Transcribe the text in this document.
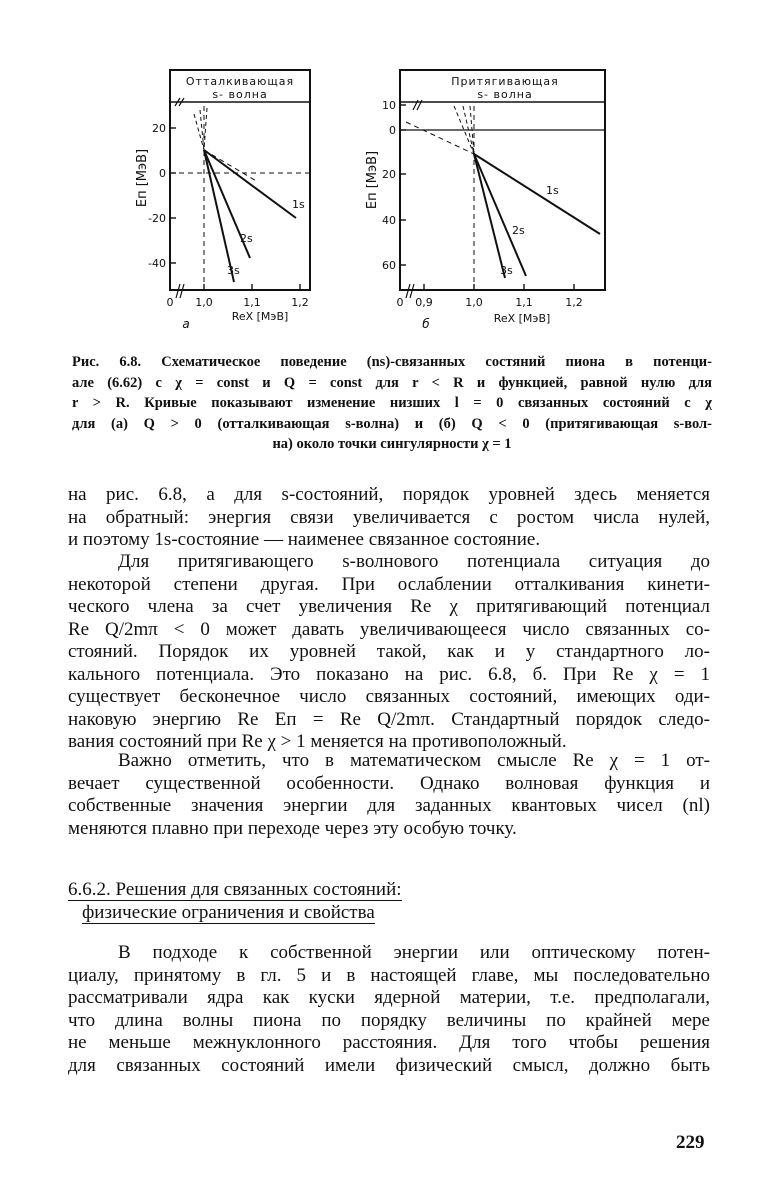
Отталкивающая
s- волна
20
0
-20
-40
Eп [МэВ]
0 1,0	1,1	1,2
ReX [МэВ]
a
1s
2s
3s
Притягивающая
s- волна
10
0
20
40
60
Eп [МэВ]
0 0,9	1,0	1,1	1,2
ReX [МэВ]
б
1s
2s
3s
Рис. 6.8. Схематическое поведение (ns)-связанных состяний пиона в потенци-
але (6.62) с χ = const и Q = const для r < R и функцией, равной нулю для
r > R. Кривые показывают изменение низших l = 0 связанных состояний с χ
для (а) Q > 0 (отталкивающая s-волна) и (б) Q < 0 (притягивающая s-вол-
на) около точки сингулярности χ = 1

на рис. 6.8, а для s-состояний, порядок уровней здесь меняется
на обратный: энергия связи увеличивается с ростом числа нулей,
и поэтому 1s-состояние — наименее связанное состояние.

Для притягивающего s-волнового потенциала ситуация до
некоторой степени другая. При ослаблении отталкивания кинети-
ческого члена за счет увеличения Re χ притягивающий потенциал
Re Q/2mπ < 0 может давать увеличивающееся число связанных со-
стояний. Порядок их уровней такой, как и у стандартного ло-
кального потенциала. Это показано на рис. 6.8, б. При Re χ = 1
существует бесконечное число связанных состояний, имеющих оди-
наковую энергию Re Eп = Re Q/2mπ. Стандартный порядок следо-
вания состояний при Re χ > 1 меняется на противоположный.

Важно отметить, что в математическом смысле Re χ = 1 от-
вечает существенной особенности. Однако волновая функция и
собственные значения энергии для заданных квантовых чисел (nl)
меняются плавно при переходе через эту особую точку.

6.6.2. Решения для связанных состояний:
физические ограничения и свойства

В подходе к собственной энергии или оптическому потен-
циалу, принятому в гл. 5 и в настоящей главе, мы последовательно
рассматривали ядра как куски ядерной материи, т.е. предполагали,
что длина волны пиона по порядку величины по крайней мере
не меньше межнуклонного расстояния. Для того чтобы решения
для связанных состояний имели физический смысл, должно быть

229
